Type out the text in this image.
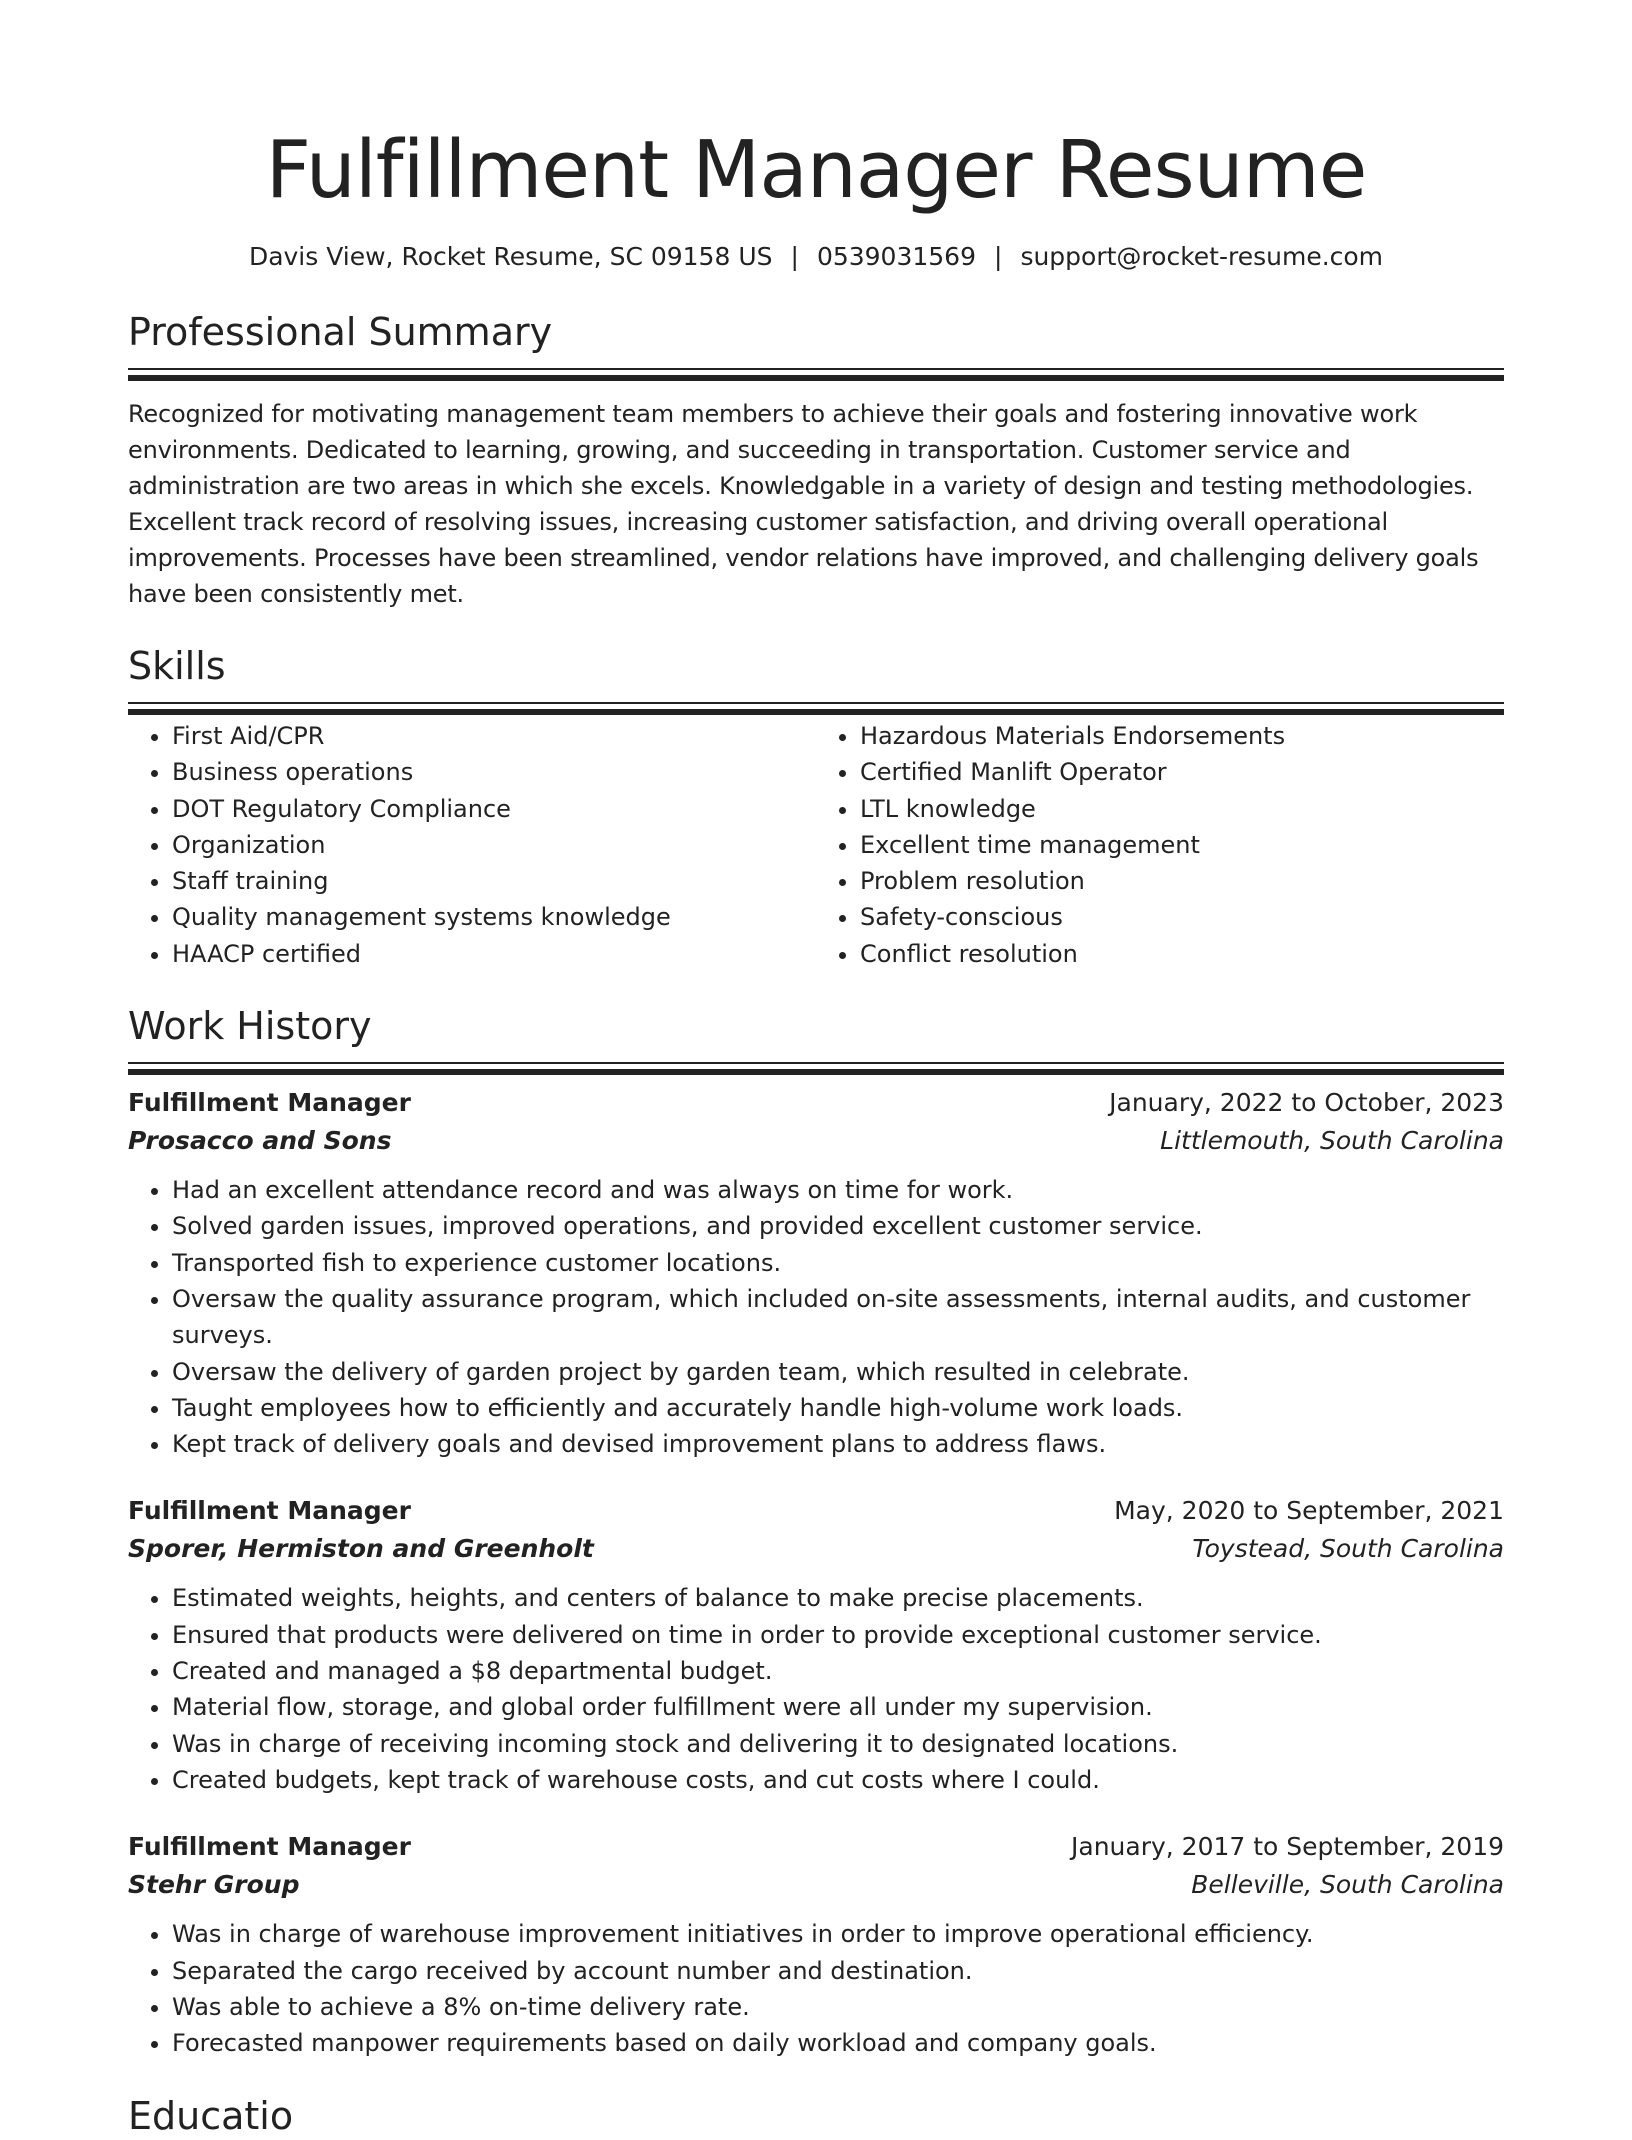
Fulfillment Manager Resume
Davis View, Rocket Resume, SC 09158 US | 0539031569 | support@rocket-resume.com
Professional Summary

Recognized for motivating management team members to achieve their goals and fostering innovative work environments. Dedicated to learning, growing, and succeeding in transportation. Customer service and administration are two areas in which she excels. Knowledgable in a variety of design and testing methodologies. Excellent track record of resolving issues, increasing customer satisfaction, and driving overall operational improvements. Processes have been streamlined, vendor relations have improved, and challenging delivery goals have been consistently met.

Skills
• First Aid/CPR
• Business operations
• DOT Regulatory Compliance
• Organization
• Staff training
• Quality management systems knowledge
• HAACP certified
• Hazardous Materials Endorsements
• Certified Manlift Operator
• LTL knowledge
• Excellent time management
• Problem resolution
• Safety-conscious
• Conflict resolution
Work History
Fulfillment Manager	January, 2022 to October, 2023
Prosacco and Sons	Littlemouth, South Carolina
• Had an excellent attendance record and was always on time for work.
• Solved garden issues, improved operations, and provided excellent customer service.
• Transported fish to experience customer locations.
• Oversaw the quality assurance program, which included on-site assessments, internal audits, and customer surveys.
• Oversaw the delivery of garden project by garden team, which resulted in celebrate.
• Taught employees how to efficiently and accurately handle high-volume work loads.
• Kept track of delivery goals and devised improvement plans to address flaws.
Fulfillment Manager	May, 2020 to September, 2021
Sporer, Hermiston and Greenholt	Toystead, South Carolina
• Estimated weights, heights, and centers of balance to make precise placements.
• Ensured that products were delivered on time in order to provide exceptional customer service.
• Created and managed a $8 departmental budget.
• Material flow, storage, and global order fulfillment were all under my supervision.
• Was in charge of receiving incoming stock and delivering it to designated locations.
• Created budgets, kept track of warehouse costs, and cut costs where I could.
Fulfillment Manager	January, 2017 to September, 2019
Stehr Group	Belleville, South Carolina
• Was in charge of warehouse improvement initiatives in order to improve operational efficiency.
• Separated the cargo received by account number and destination.
• Was able to achieve a 8% on-time delivery rate.
• Forecasted manpower requirements based on daily workload and company goals.
Educatio
